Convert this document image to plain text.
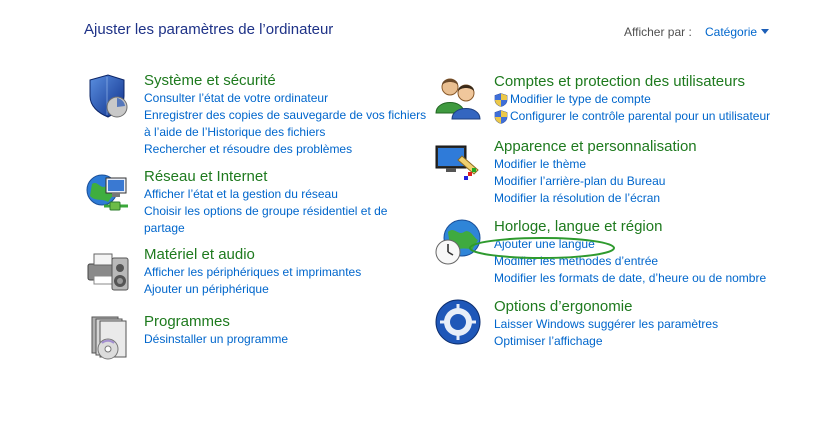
Ajuster les paramètres de l’ordinateur	Afficher par : Catégorie
Système et sécurité
Consulter l’état de votre ordinateur
Enregistrer des copies de sauvegarde de vos fichiers à l’aide de l’Historique des fichiers
Rechercher et résoudre des problèmes
Réseau et Internet
Afficher l’état et la gestion du réseau
Choisir les options de groupe résidentiel et de partage
Matériel et audio
Afficher les périphériques et imprimantes
Ajouter un périphérique
Programmes
Désinstaller un programme
Comptes et protection des utilisateurs
Modifier le type de compte
Configurer le contrôle parental pour un utilisateur
Apparence et personnalisation
Modifier le thème
Modifier l’arrière-plan du Bureau
Modifier la résolution de l’écran
Horloge, langue et région
Ajouter une langue
Modifier les méthodes d’entrée
Modifier les formats de date, d’heure ou de nombre
Options d’ergonomie
Laisser Windows suggérer les paramètres
Optimiser l’affichage
